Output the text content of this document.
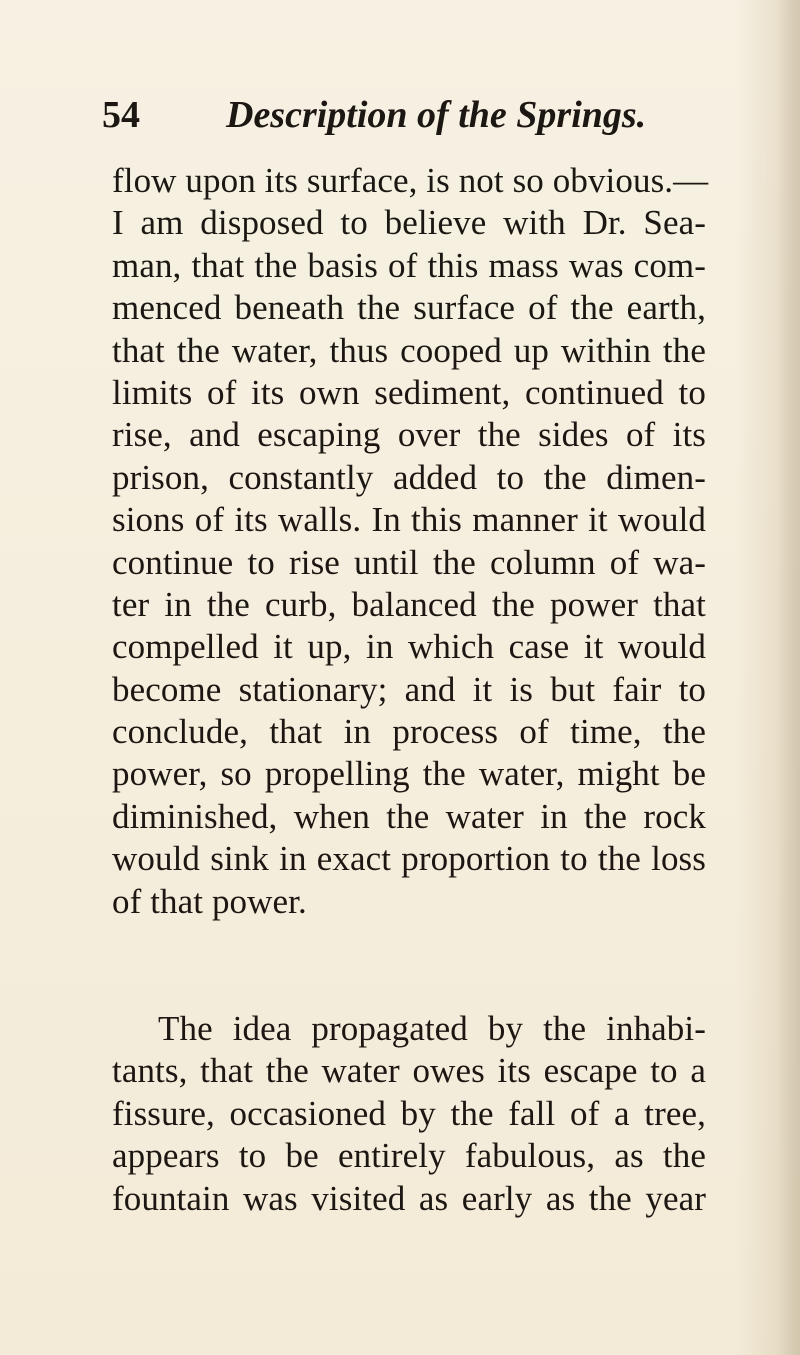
54 Description of the Springs.
flow upon its surface, is not so obvious.—
I am disposed to believe with Dr. Sea-
man, that the basis of this mass was com-
menced beneath the surface of the earth,
that the water, thus cooped up within the
limits of its own sediment, continued to
rise, and escaping over the sides of its
prison, constantly added to the dimen-
sions of its walls. In this manner it would
continue to rise until the column of wa-
ter in the curb, balanced the power that
compelled it up, in which case it would
become stationary; and it is but fair to
conclude, that in process of time, the
power, so propelling the water, might be
diminished, when the water in the rock
would sink in exact proportion to the loss
of that power.
The idea propagated by the inhabi-
tants, that the water owes its escape to a
fissure, occasioned by the fall of a tree,
appears to be entirely fabulous, as the
fountain was visited as early as the year
